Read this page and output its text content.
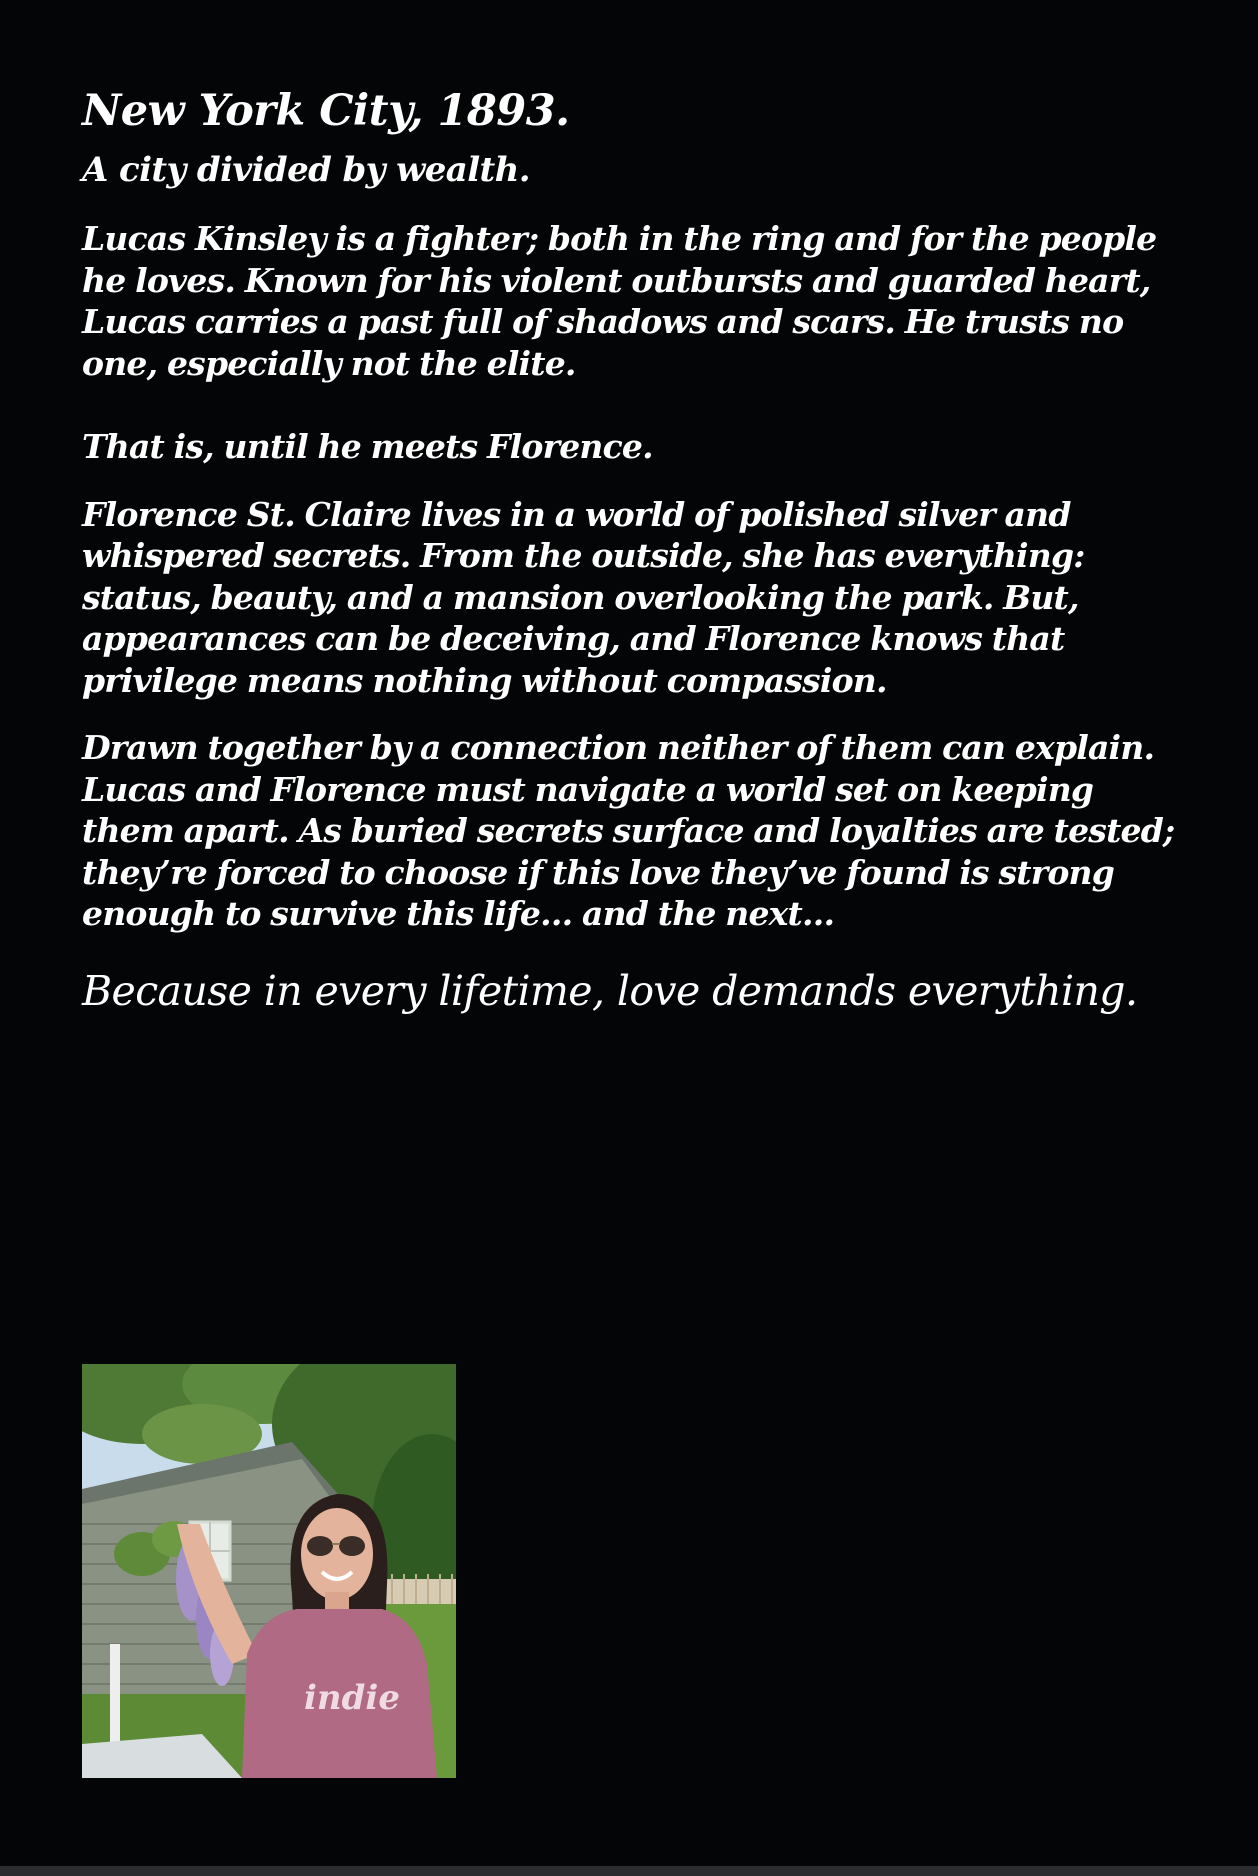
New York City, 1893.

A city divided by wealth.

Lucas Kinsley is a fighter; both in the ring and for the people he loves. Known for his violent outbursts and guarded heart, Lucas carries a past full of shadows and scars. He trusts no one, especially not the elite.

That is, until he meets Florence.

Florence St. Claire lives in a world of polished silver and whispered secrets. From the outside, she has everything: status, beauty, and a mansion overlooking the park. But, appearances can be deceiving, and Florence knows that privilege means nothing without compassion.

Drawn together by a connection neither of them can explain. Lucas and Florence must navigate a world set on keeping them apart. As buried secrets surface and loyalties are tested; they’re forced to choose if this love they’ve found is strong enough to survive this life… and the next…

Because in every lifetime, love demands everything.

indie
